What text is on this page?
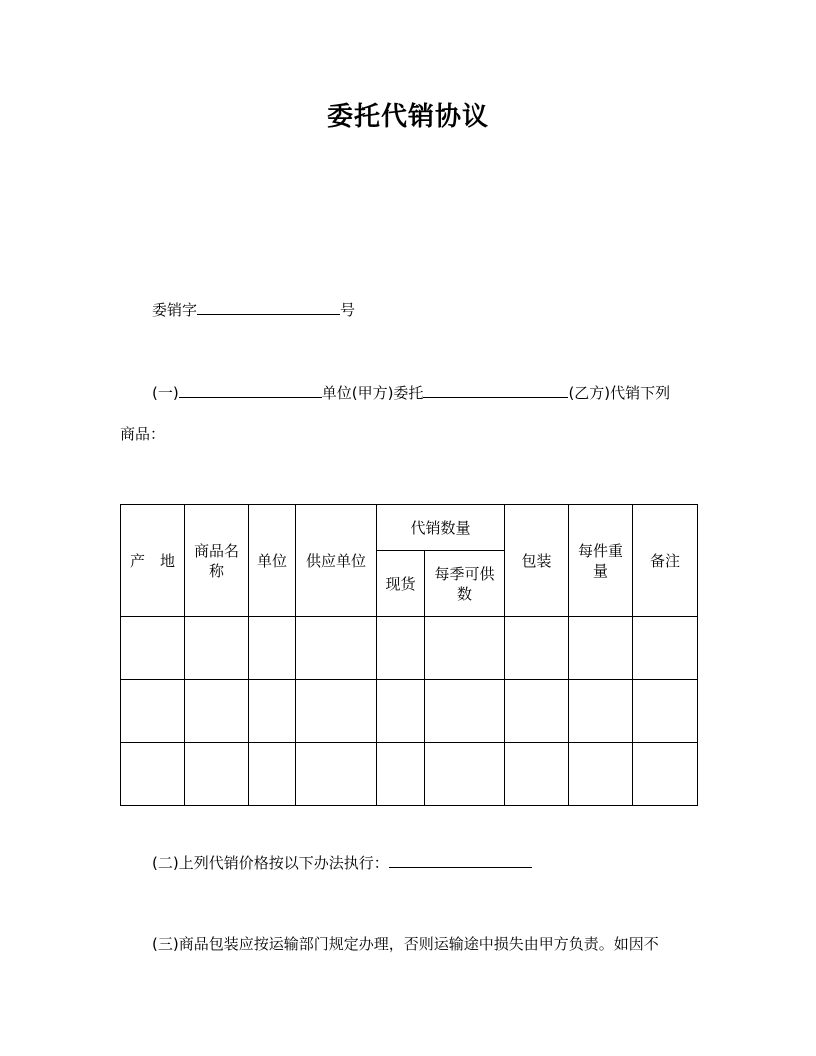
委托代销协议
委销字	号
(一)	单位(甲方)委托	(乙方)代销下列
商品：
产　地	商品名称	单位	供应单位	代销数量		包装	每件重量	备注
				现货	每季可供　数			

(二)上列代销价格按以下办法执行：
(三)商品包装应按运输部门规定办理，否则运输途中损失由甲方负责。如因不
